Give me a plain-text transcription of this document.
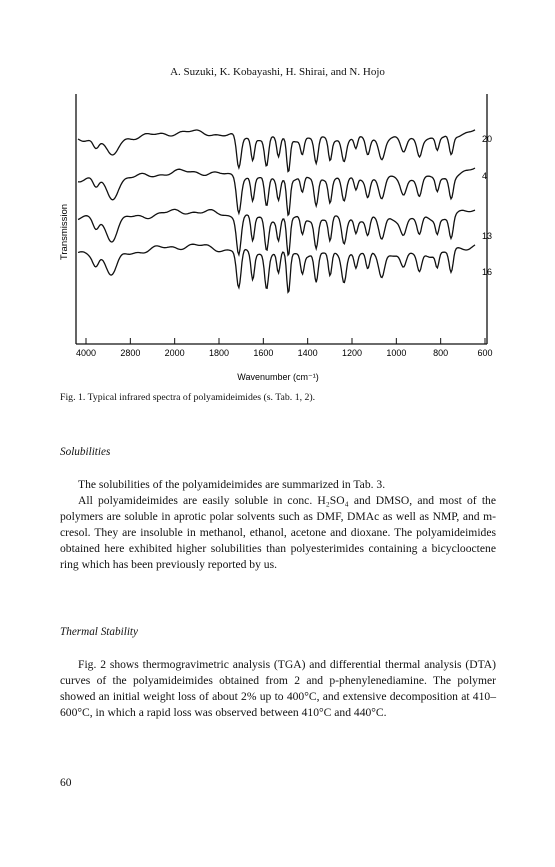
A. Suzuki, K. Kobayashi, H. Shirai, and N. Hojo
20
4
13
16
4000	2800	2000	1800	1600	1400	1200	1000	800	600
Transmission
Wavenumber (cm⁻¹)
Fig. 1. Typical infrared spectra of polyamideimides (s. Tab. 1, 2).
Solubilities

The solubilities of the polyamideimides are summarized in Tab. 3.

All polyamideimides are easily soluble in conc. H₂SO₄ and DMSO, and most of the polymers are soluble in aprotic polar solvents such as DMF, DMAc as well as NMP, and m-cresol. They are insoluble in methanol, ethanol, acetone and dioxane. The polyamideimides obtained here exhibited higher solubilities than polyesterimides containing a bicyclooctene ring which has been previously reported by us.

Thermal Stability

Fig. 2 shows thermogravimetric analysis (TGA) and differential thermal analysis (DTA) curves of the polyamideimides obtained from 2 and p-phenylenediamine. The polymer showed an initial weight loss of about 2% up to 400°C, and extensive decomposition at 410–600°C, in which a rapid loss was observed between 410°C and 440°C.

60
